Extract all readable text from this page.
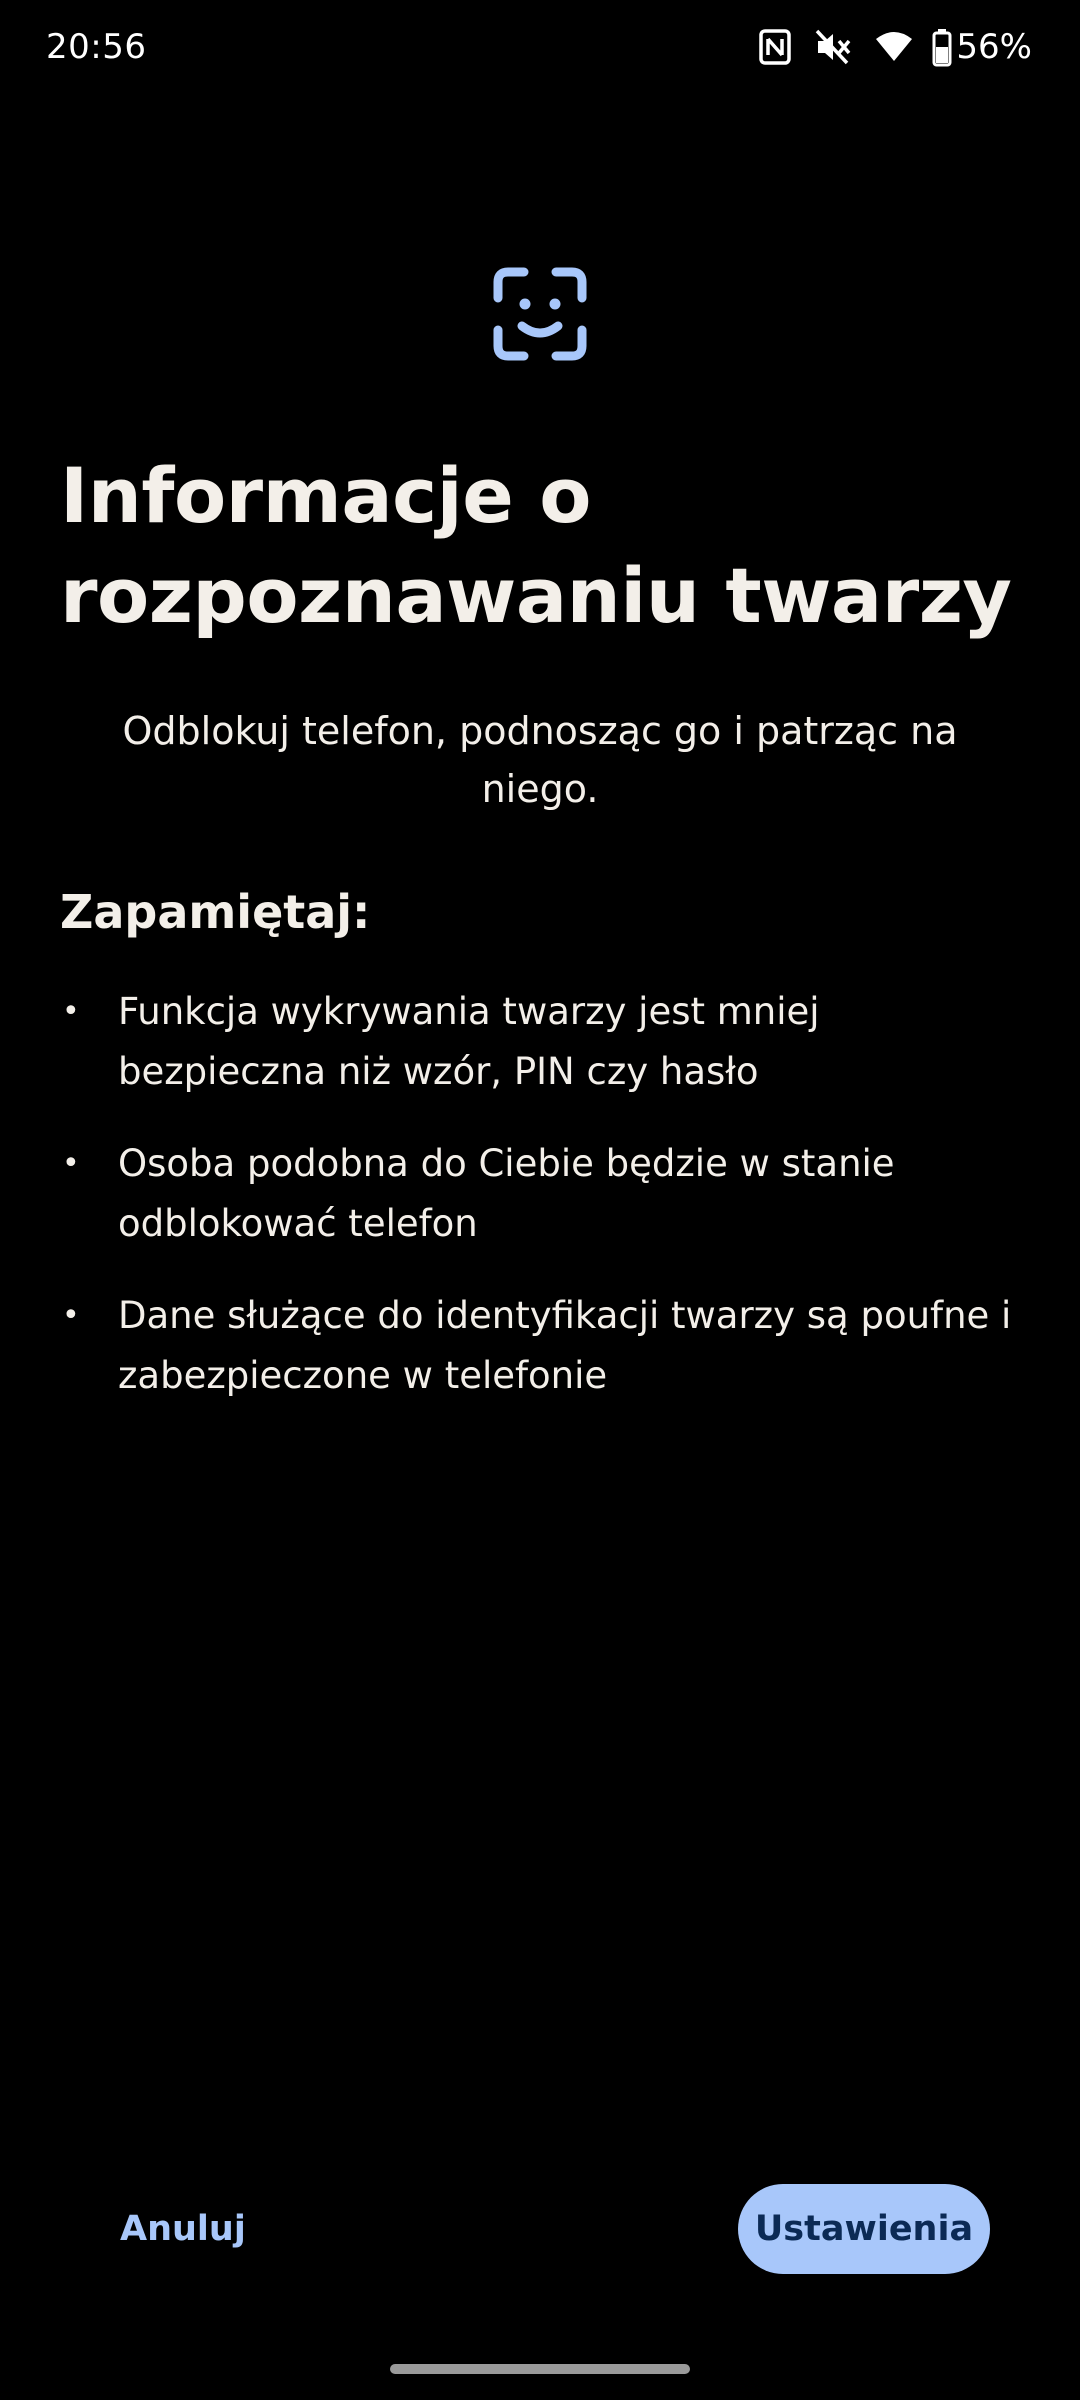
20:56	56%
Informacje o rozpoznawaniu twarzy
Odblokuj telefon, podnosząc go i patrząc na niego.
Zapamiętaj:
• Funkcja wykrywania twarzy jest mniej bezpieczna niż wzór, PIN czy hasło
• Osoba podobna do Ciebie będzie w stanie odblokować telefon
• Dane służące do identyfikacji twarzy są poufne i zabezpieczone w telefonie
Anuluj	Ustawienia
